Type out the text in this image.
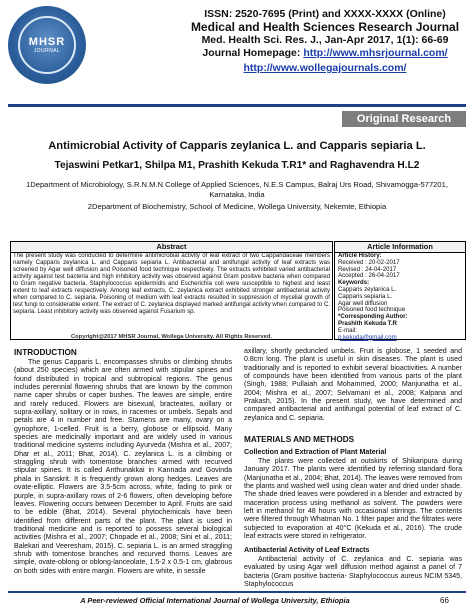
MHSR
JOURNAL
ISSN: 2520-7695 (Print) and XXXX-XXXX (Online)
Medical and Health Sciences Research Journal
Med. Health Sci. Res. J., Jan-Apr 2017, 1(1): 66-69
Journal Homepage: http://www.mhsrjournal.com/
http://www.wollegajournals.com/
Original Research
Antimicrobial Activity of Capparis zeylanica L. and Capparis sepiaria L.
Tejaswini Petkar1, Shilpa M1, Prashith Kekuda T.R1* and Raghavendra H.L2
1Department of Microbiology, S.R.N.M.N College of Applied Sciences, N.E.S Campus, Balraj Urs Road, Shivamogga-577201, Karnataka, India
2Department of Biochemistry, School of Medicine, Wollega University, Nekemte, Ethiopia
Abstract	Article Information
The present study was conducted to determine antimicrobial activity of leaf extract of two Capparidaceae members namely Capparis zeylanica L. and Capparis sepiaria L. Antibacterial and antifungal activity of leaf extracts was screened by Agar well diffusion and Poisoned food technique respectively. The extracts exhibited varied antibacterial activity against test bacteria and high inhibitory activity was observed against Gram positive bacteria when compared to Gram negative bacteria. Staphylococcus epidermidis and Escherichia coli were susceptible to highest and least extent to leaf extracts respectively. Among leaf extracts, C. zeylanica extract exhibited stronger antibacterial activity when compared to C. sepiaria. Poisoning of medium with leaf extracts resulted in suppression of mycelial growth of test fungi to considerable extent. The extract of C. zeylanica displayed marked antifungal activity when compared to C. sepiaria. Least inhibitory activity was observed against Fusarium sp.
Copyright@2017 MHSR Journal, Wollega University. All Rights Reserved.
Article History:
Received : 20-02-2017
Revised : 24-04-2017
Accepted : 26-04-2017
Keywords:
Capparis zeylanica L.
Capparis sepiaria L.
Agar well diffusion
Poisoned food technique
*Corresponding Author:
Prashith Kekuda T.R
E-mail:
p.kekuda@gmail.com
INTRODUCTION
The genus Capparis L. encompasses shrubs or climbing shrubs (about 250 species) which are often armed with stipular spines and found distributed in tropical and subtropical regions. The genus includes perennial flowering shrubs that are known by the common name caper shrubs or caper bushes. The leaves are simple, entire and rarely reduced. Flowers are bisexual, bracteates, axillary or supra-axillary, solitary or in rows, in racemes or umbels. Sepals and petals are 4 in number and free. Stamens are many, ovary on a gynophore, 1-celled. Fruit is a berry, globose or ellipsoid. Many species are medicinally important and are widely used in various traditional medicine systems including Ayurveda (Mishra et al., 2007; Dhar et al., 2011; Bhat, 2014). C. zeylanica L. is a climbing or straggling shrub with tomentose branches armed with recurved stipular spines. It is called Anthunakkai in Kannada and Govinda phala in Sanskrit. It is frequently grown along hedges. Leaves are ovate-elliptic. Flowers are 3.5-5cm across, white, fading to pink or purple, in supra-axillary rows of 2-6 flowers, often developing before leaves. Flowering occurs between December to April. Fruits are said to be edible (Bhat, 2014). Several phytochemicals have been identified from different parts of the plant. The plant is used in traditional medicine and is reported to possess several biological activities (Mishra et al., 2007; Chopade et al., 2008; Sini et al., 2011; Balekari and Veeresham, 2015). C. sepiaria L. is an armed straggling shrub with tomentose branches and recurved thorns. Leaves are simple, ovate-oblong or oblong-lanceolate, 1.5-2 x 0.5-1 cm, glabrous on both sides with entire margin. Flowers are white, in sessile
axillary, shortly peduncled umbels. Fruit is globose, 1 seeded and 0.8cm long. The plant is useful in skin diseases. The plant is used traditionally and is reported to exhibit several bioactivities. A number of compounds have been identified from various parts of the plant (Singh, 1988; Pullaiah and Mohammed, 2000; Manjunatha et al., 2004; Mishra et al., 2007; Selvamani et al., 2008; Kalpana and Prakash, 2015). In the present study, we have determined and compared antibacterial and antifungal potential of leaf extract of C. zeylanica and C. sepiaria.
MATERIALS AND METHODS
Collection and Extraction of Plant Material
The plants were collected at outskirts of Shikaripura during January 2017. The plants were identified by referring standard flora (Manjunatha et al., 2004; Bhat, 2014). The leaves were removed from the plants and washed well using clean water and dried under shade. The shade dried leaves were powdered in a blender and extracted by maceration process using methanol as solvent. The powders were left in methanol for 48 hours with occasional stirrings. The contents were filtered through Whatman No. 1 filter paper and the filtrates were subjected to evaporation at 40°C (Kekuda et al., 2016). The crude leaf extracts were stored in refrigerator.
Antibacterial Activity of Leaf Extracts
Antibacterial activity of C. zeylanica and C. sepiaria was evaluated by using Agar well diffusion method against a panel of 7 bacteria (Gram positive bacteria- Staphylococcus aureus NCIM 5345, Staphylococcus
A Peer-reviewed Official International Journal of Wollega University, Ethiopia	66
